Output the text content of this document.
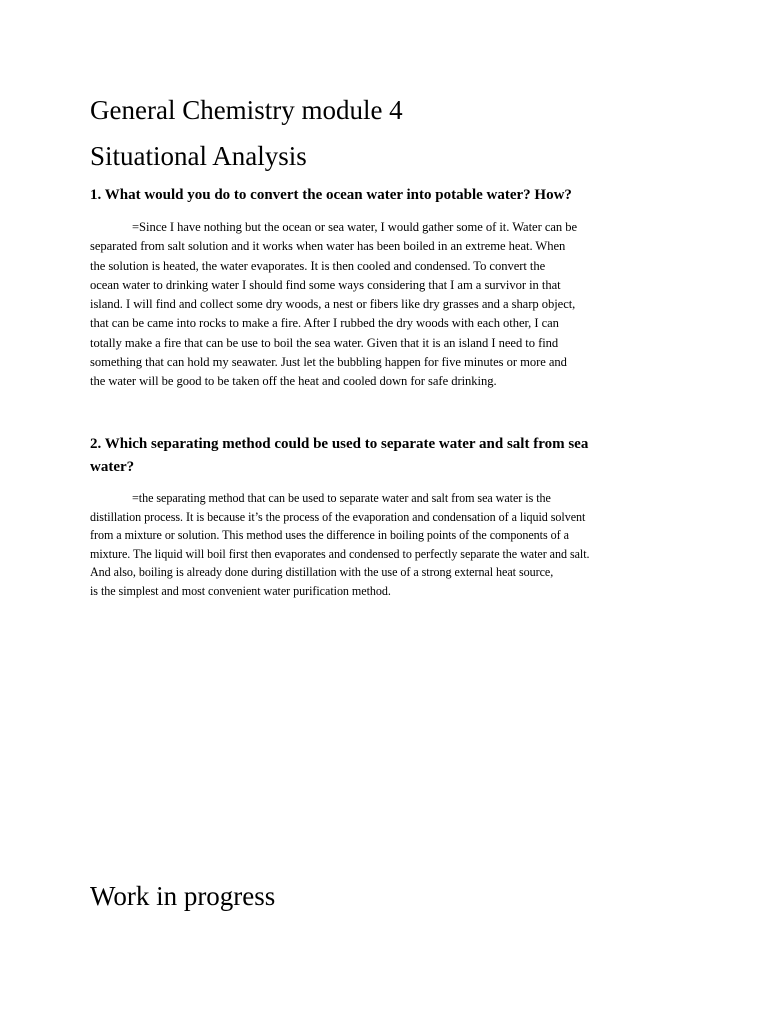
General Chemistry module 4
Situational Analysis

1. What would you do to convert the ocean water into potable water? How?

=Since I have nothing but the ocean or sea water, I would gather some of it. Water can be
separated from salt solution and it works when water has been boiled in an extreme heat. When
the solution is heated, the water evaporates. It is then cooled and condensed. To convert the
ocean water to drinking water I should find some ways considering that I am a survivor in that
island. I will find and collect some dry woods, a nest or fibers like dry grasses and a sharp object,
that can be came into rocks to make a fire. After I rubbed the dry woods with each other, I can
totally make a fire that can be use to boil the sea water. Given that it is an island I need to find
something that can hold my seawater. Just let the bubbling happen for five minutes or more and
the water will be good to be taken off the heat and cooled down for safe drinking.

2. Which separating method could be used to separate water and salt from sea
water?

=the separating method that can be used to separate water and salt from sea water is the
distillation process. It is because it’s the process of the evaporation and condensation of a liquid solvent
from a mixture or solution. This method uses the difference in boiling points of the components of a
mixture. The liquid will boil first then evaporates and condensed to perfectly separate the water and salt.
And also, boiling is already done during distillation with the use of a strong external heat source,
is the simplest and most convenient water purification method.
Work in progress
